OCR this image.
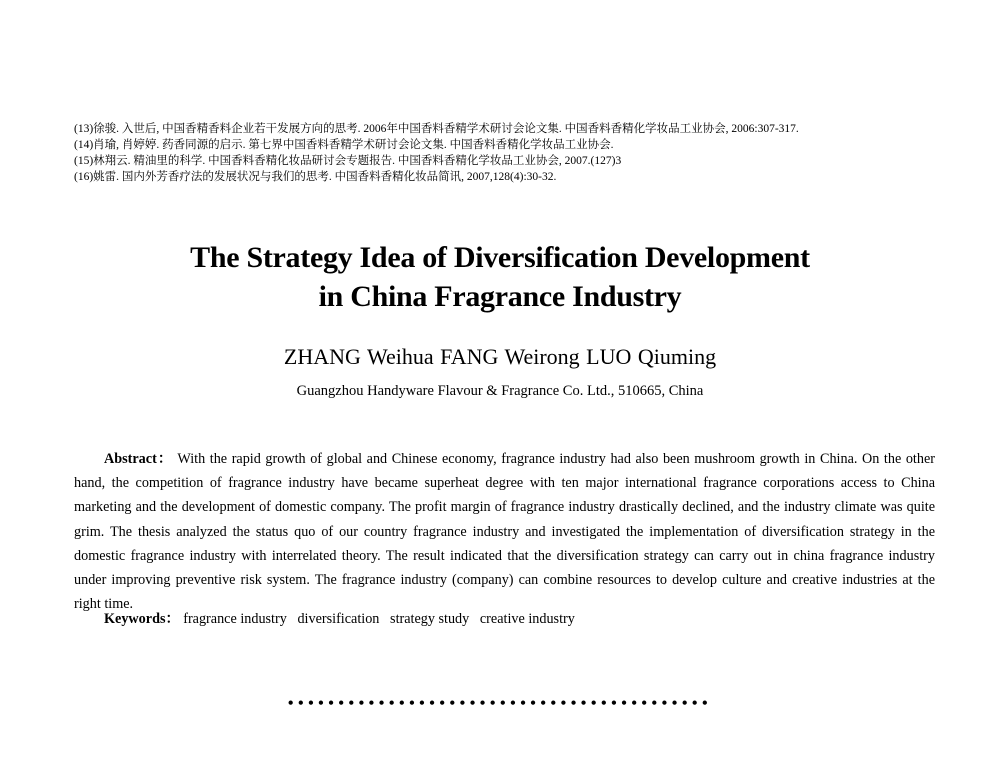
(13)徐骏. 入世后, 中国香精香料企业若干发展方向的思考. 2006年中国香料香精学术研讨会论文集. 中国香料香精化学妆品工业协会, 2006:307-317.
(14)肖瑜, 肖婷婷. 药香同源的启示. 第七界中国香料香精学术研讨会论文集. 中国香料香精化学妆品工业协会.
(15)林翔云. 精油里的科学. 中国香料香精化妆品研讨会专题报告. 中国香料香精化学妆品工业协会, 2007.(127)3
(16)姚雷. 国内外芳香疗法的发展状况与我们的思考. 中国香料香精化妆品简讯, 2007,128(4):30-32.
The Strategy Idea of Diversification Development
in China Fragrance Industry
ZHANG Weihua FANG Weirong LUO Qiuming
Guangzhou Handyware Flavour & Fragrance Co. Ltd., 510665, China

Abstract： With the rapid growth of global and Chinese economy, fragrance industry had also been mushroom growth in China. On the other hand, the competition of fragrance industry have became superheat degree with ten major international fragrance corporations access to China marketing and the development of domestic company. The profit margin of fragrance industry drastically declined, and the industry climate was quite grim. The thesis analyzed the status quo of our country fragrance industry and investigated the implementation of diversification strategy in the domestic fragrance industry with interrelated theory. The result indicated that the diversification strategy can carry out in china fragrance industry under improving preventive risk system. The fragrance industry (company) can combine resources to develop culture and creative industries at the right time.

Keywords： fragrance industry   diversification   strategy study   creative industry
••••••••••••••••••••••••••••••••••••••••••
